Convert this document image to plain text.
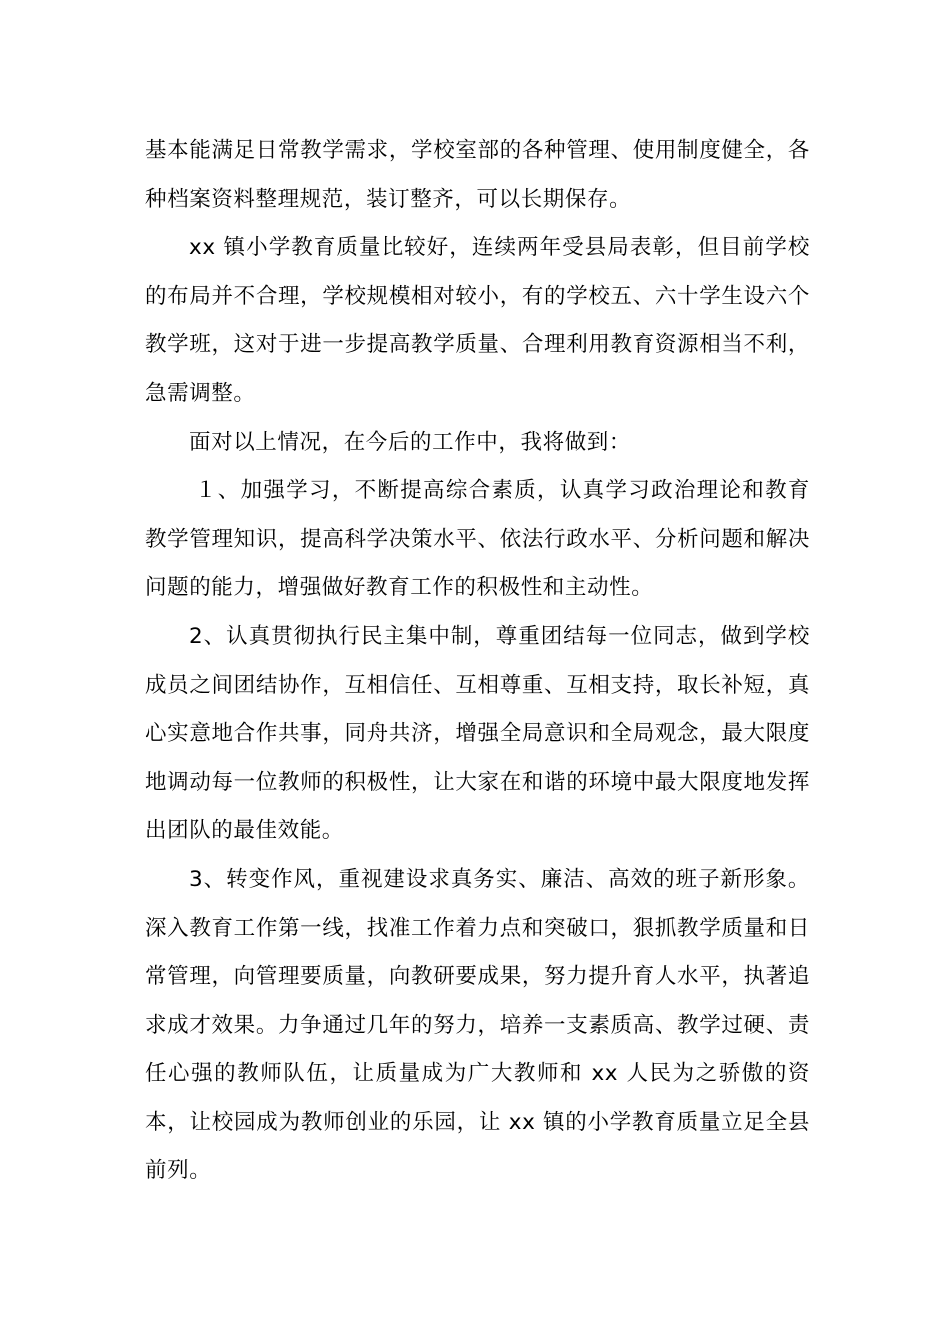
基本能满足日常教学需求，学校室部的各种管理、使用制度健全，各种档案资料整理规范，装订整齐，可以长期保存。

xx 镇小学教育质量比较好，连续两年受县局表彰，但目前学校的布局并不合理，学校规模相对较小，有的学校五、六十学生设六个教学班，这对于进一步提高教学质量、合理利用教育资源相当不利，急需调整。

面对以上情况，在今后的工作中，我将做到：

１、加强学习，不断提高综合素质，认真学习政治理论和教育教学管理知识，提高科学决策水平、依法行政水平、分析问题和解决问题的能力，增强做好教育工作的积极性和主动性。

2、认真贯彻执行民主集中制，尊重团结每一位同志，做到学校成员之间团结协作，互相信任、互相尊重、互相支持，取长补短，真心实意地合作共事，同舟共济，增强全局意识和全局观念，最大限度地调动每一位教师的积极性，让大家在和谐的环境中最大限度地发挥出团队的最佳效能。

3、转变作风，重视建设求真务实、廉洁、高效的班子新形象。深入教育工作第一线，找准工作着力点和突破口，狠抓教学质量和日常管理，向管理要质量，向教研要成果，努力提升育人水平，执著追求成才效果。力争通过几年的努力，培养一支素质高、教学过硬、责任心强的教师队伍，让质量成为广大教师和 xx 人民为之骄傲的资本，让校园成为教师创业的乐园，让 xx 镇的小学教育质量立足全县前列。
